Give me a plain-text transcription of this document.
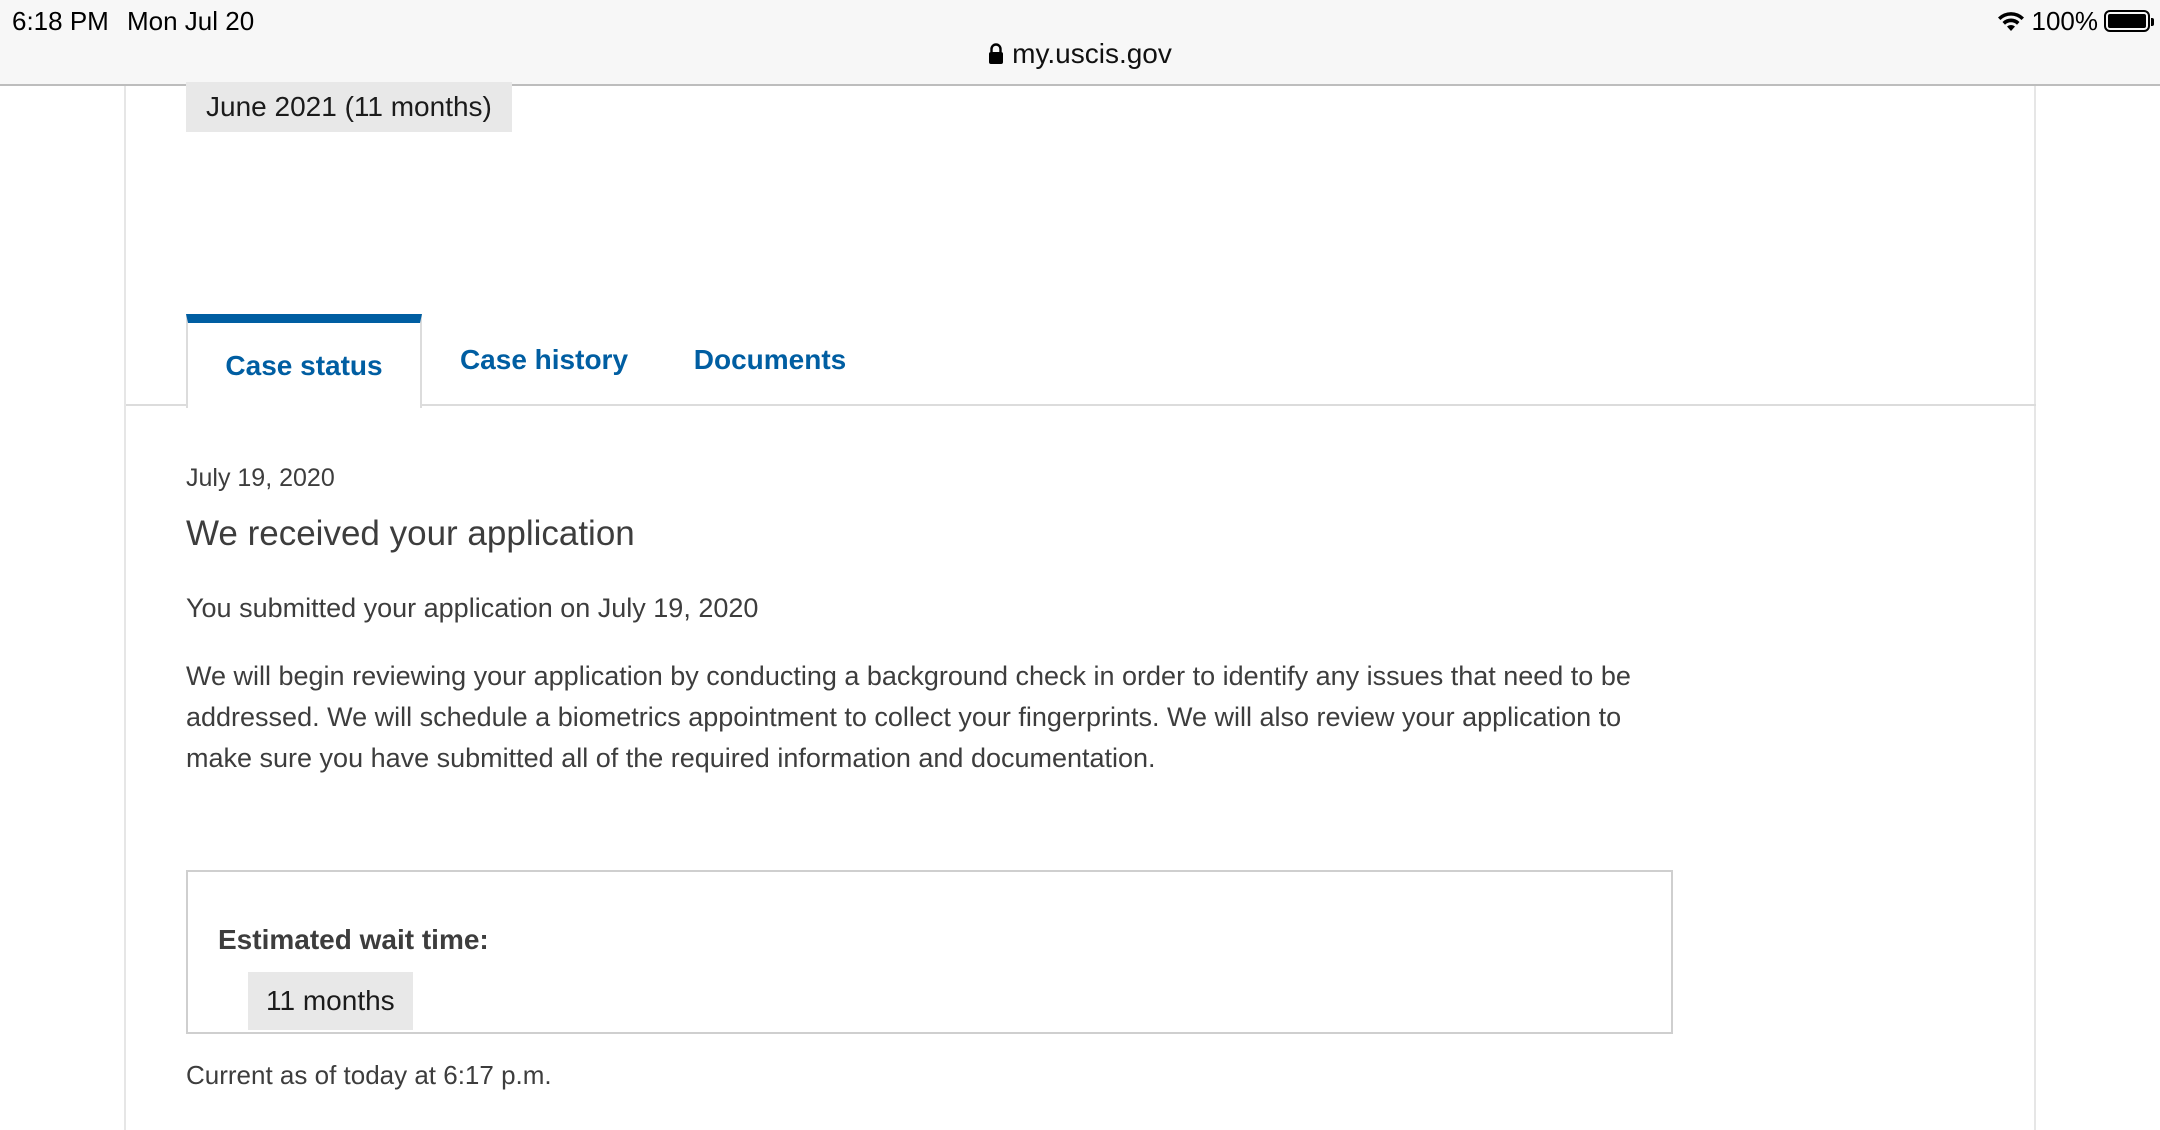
6:18 PM Mon Jul 20	100%
my.uscis.gov
June 2021 (11 months)
Case status	Case history	Documents
July 19, 2020
We received your application
You submitted your application on July 19, 2020
We will begin reviewing your application by conducting a background check in order to identify any issues that need to be addressed. We will schedule a biometrics appointment to collect your fingerprints. We will also review your application to make sure you have submitted all of the required information and documentation.
Estimated wait time:
11 months
Current as of today at 6:17 p.m.
